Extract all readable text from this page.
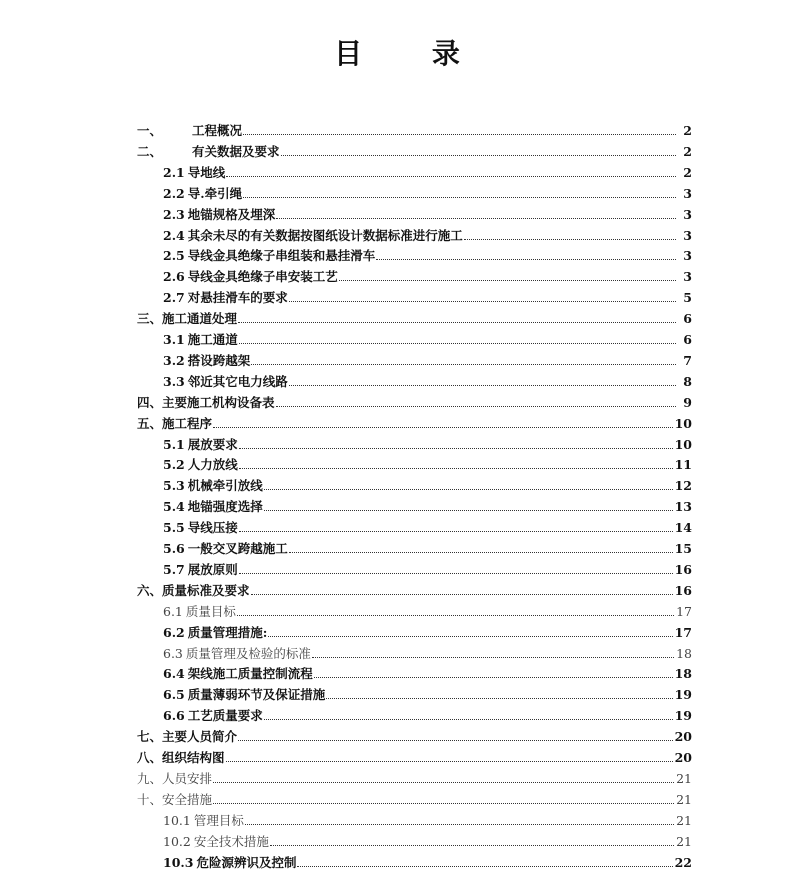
目 录
一、	工程概况	2
二、	有关数据及要求	2
2.1 导地线	2
2.2 导.牵引绳	3
2.3 地锚规格及埋深	3
2.4 其余未尽的有关数据按图纸设计数据标准进行施工	3
2.5 导线金具绝缘子串组装和悬挂滑车	3
2.6 导线金具绝缘子串安装工艺	3
2.7 对悬挂滑车的要求	5
三、 施工通道处理	6
3.1 施工通道	6
3.2 搭设跨越架	7
3.3 邻近其它电力线路	8
四、 主要施工机构设备表	9
五、 施工程序	10
5.1 展放要求	10
5.2 人力放线	11
5.3 机械牵引放线	12
5.4 地锚强度选择	13
5.5 导线压接	14
5.6 一般交叉跨越施工	15
5.7 展放原则	16
六、 质量标准及要求	16
6.1 质量目标	17
6.2 质量管理措施:	17
6.3 质量管理及检验的标准	18
6.4 架线施工质量控制流程	18
6.5 质量薄弱环节及保证措施	19
6.6 工艺质量要求	19
七、 主要人员简介	20
八、 组织结构图	20
九、 人员安排	21
十、 安全措施	21
10.1 管理目标	21
10.2 安全技术措施	21
10.3 危险源辨识及控制	22
